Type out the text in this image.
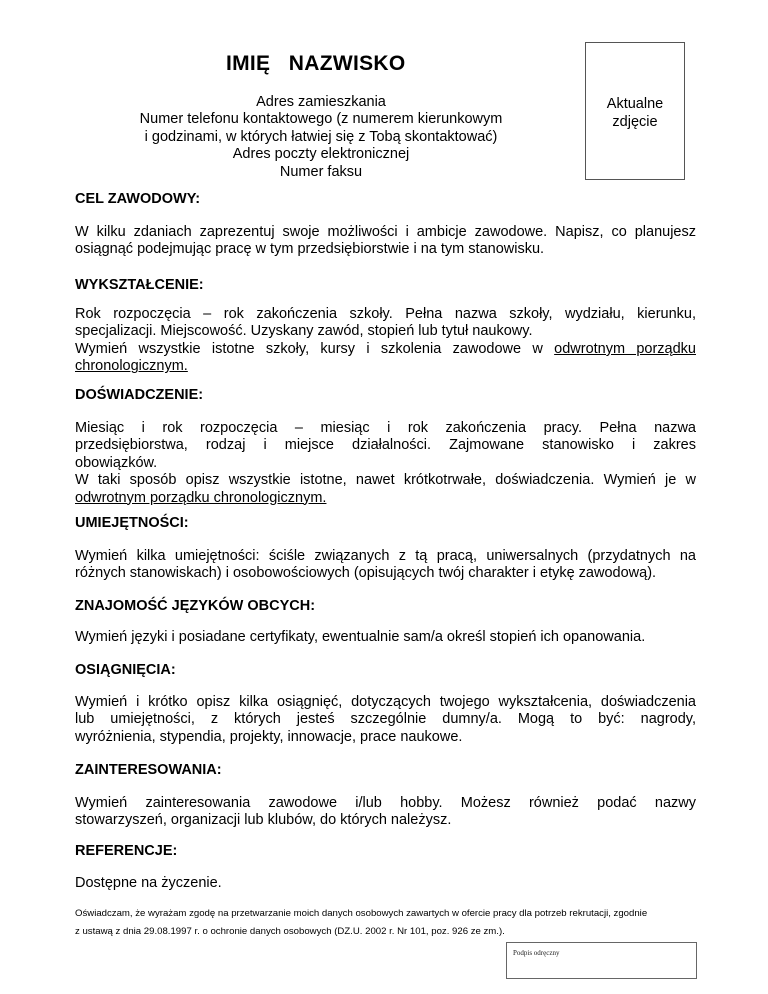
IMIĘ   NAZWISKO
Adres zamieszkania
Numer telefonu kontaktowego (z numerem kierunkowym
i godzinami, w których łatwiej się z Tobą skontaktować)
Adres poczty elektronicznej
Numer faksu
Aktualne
zdjęcie
CEL ZAWODOWY:
W kilku zdaniach zaprezentuj swoje możliwości i ambicje zawodowe. Napisz, co planujesz
osiągnąć podejmując pracę w tym przedsiębiorstwie i na tym stanowisku.
WYKSZTAŁCENIE:
Rok rozpoczęcia – rok zakończenia szkoły. Pełna nazwa szkoły, wydziału, kierunku,
specjalizacji. Miejscowość. Uzyskany zawód, stopień lub tytuł naukowy.
Wymień wszystkie istotne szkoły, kursy i szkolenia zawodowe w odwrotnym porządku
chronologicznym.
DOŚWIADCZENIE:
Miesiąc i rok rozpoczęcia – miesiąc i rok zakończenia pracy. Pełna nazwa
przedsiębiorstwa, rodzaj i miejsce działalności. Zajmowane stanowisko i zakres
obowiązków.
W taki sposób opisz wszystkie istotne, nawet krótkotrwałe, doświadczenia. Wymień je w
odwrotnym porządku chronologicznym.
UMIEJĘTNOŚCI:
Wymień kilka umiejętności: ściśle związanych z tą pracą, uniwersalnych (przydatnych na
różnych stanowiskach) i osobowościowych (opisujących twój charakter i etykę zawodową).
ZNAJOMOŚĆ JĘZYKÓW OBCYCH:
Wymień języki i posiadane certyfikaty, ewentualnie sam/a określ stopień ich opanowania.
OSIĄGNIĘCIA:
Wymień i krótko opisz kilka osiągnięć, dotyczących twojego wykształcenia, doświadczenia
lub umiejętności, z których jesteś szczególnie dumny/a. Mogą to być: nagrody,
wyróżnienia, stypendia, projekty, innowacje, prace naukowe.
ZAINTERESOWANIA:
Wymień zainteresowania zawodowe i/lub hobby. Możesz również podać nazwy
stowarzyszeń, organizacji lub klubów, do których należysz.
REFERENCJE:
Dostępne na życzenie.
Oświadczam, że wyrażam zgodę na przetwarzanie moich danych osobowych zawartych w ofercie pracy dla potrzeb rekrutacji, zgodnie
z ustawą z dnia 29.08.1997 r. o ochronie danych osobowych (DZ.U. 2002 r. Nr 101, poz. 926 ze zm.).
Podpis odręczny
